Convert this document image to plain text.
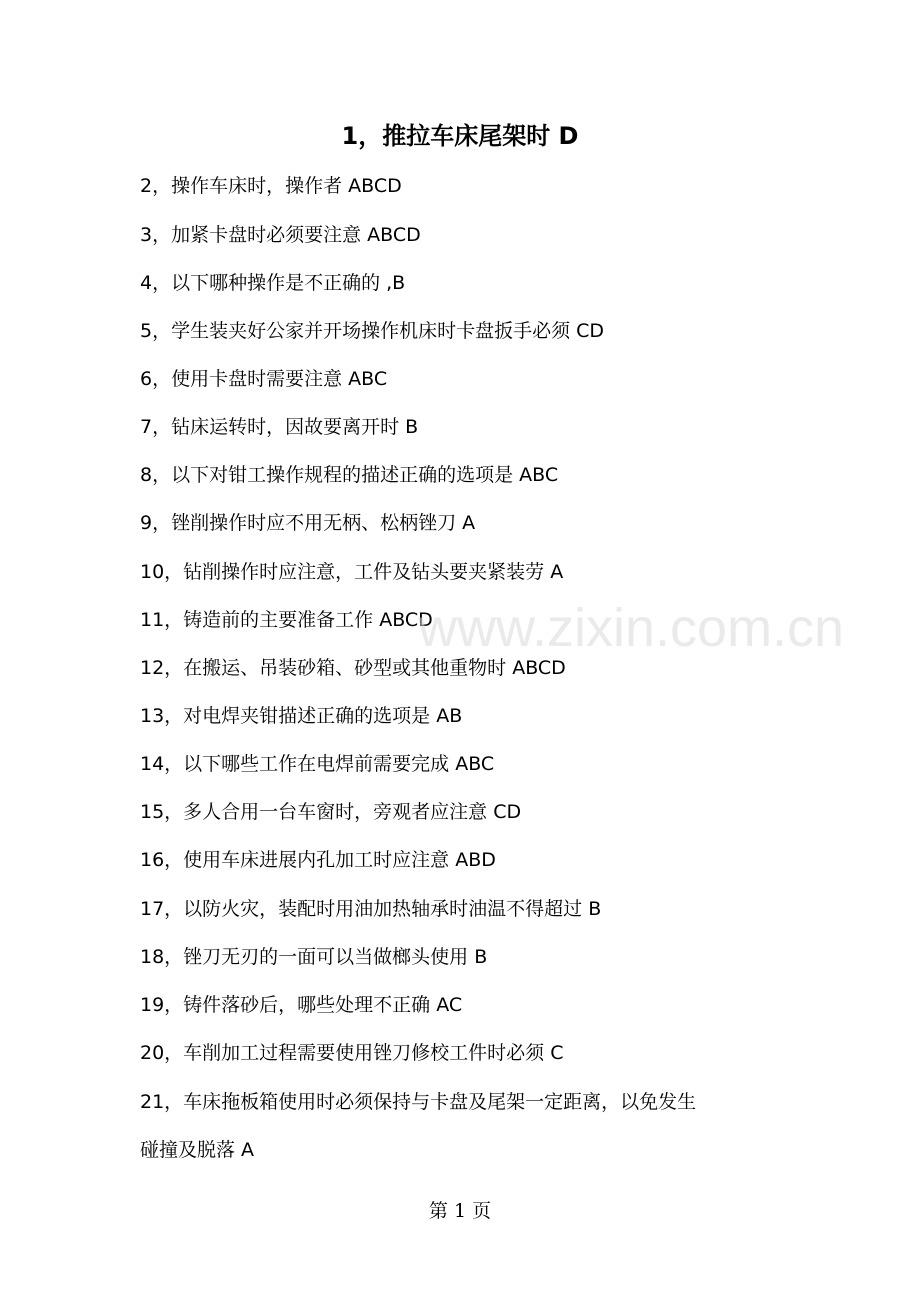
1，推拉车床尾架时 D
2，操作车床时，操作者 ABCD
3，加紧卡盘时必须要注意 ABCD
4，以下哪种操作是不正确的 ,B
5，学生装夹好公家并开场操作机床时卡盘扳手必须 CD
6，使用卡盘时需要注意 ABC
7，钻床运转时，因故要离开时 B
8，以下对钳工操作规程的描述正确的选项是 ABC
9，锉削操作时应不用无柄、松柄锉刀 A
10，钻削操作时应注意，工件及钻头要夹紧装劳 A
11，铸造前的主要准备工作 ABCD
12，在搬运、吊装砂箱、砂型或其他重物时 ABCD
13，对电焊夹钳描述正确的选项是 AB
14，以下哪些工作在电焊前需要完成 ABC
15，多人合用一台车窗时，旁观者应注意 CD
16，使用车床进展内孔加工时应注意 ABD
17，以防火灾，装配时用油加热轴承时油温不得超过 B
18，锉刀无刃的一面可以当做榔头使用 B
19，铸件落砂后，哪些处理不正确 AC
20，车削加工过程需要使用锉刀修校工件时必须 C
21，车床拖板箱使用时必须保持与卡盘及尾架一定距离，以免发生
碰撞及脱落 A
www.zixin.com.cn
第 1 页
